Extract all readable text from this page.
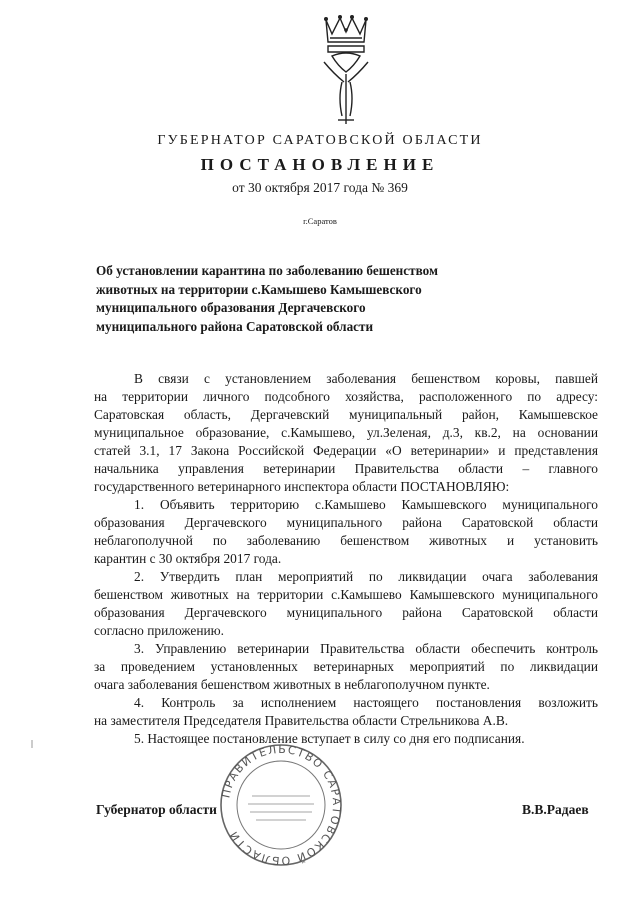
ГУБЕРНАТОР САРАТОВСКОЙ ОБЛАСТИ
ПОСТАНОВЛЕНИЕ
от 30 октября 2017 года № 369
г.Саратов
Об установлении карантина по заболеванию бешенством
животных на территории с.Камышево Камышевского
муниципального образования Дергачевского
муниципального района Саратовской области
В связи с установлением заболевания бешенством коровы, павшей
на территории личного подсобного хозяйства, расположенного по адресу:
Саратовская область, Дергачевский муниципальный район, Камышевское
муниципальное образование, с.Камышево, ул.Зеленая, д.3, кв.2, на основании
статей 3.1, 17 Закона Российской Федерации «О ветеринарии» и представления
начальника управления ветеринарии Правительства области – главного
государственного ветеринарного инспектора области ПОСТАНОВЛЯЮ:
1. Объявить территорию с.Камышево Камышевского муниципального
образования Дергачевского муниципального района Саратовской области
неблагополучной по заболеванию бешенством животных и установить
карантин с 30 октября 2017 года.
2. Утвердить план мероприятий по ликвидации очага заболевания
бешенством животных на территории с.Камышево Камышевского муниципального
образования Дергачевского муниципального района Саратовской области
согласно приложению.
3. Управлению ветеринарии Правительства области обеспечить контроль
за проведением установленных ветеринарных мероприятий по ликвидации
очага заболевания бешенством животных в неблагополучном пункте.
4. Контроль за исполнением настоящего постановления возложить
на заместителя Председателя Правительства области Стрельникова А.В.
5. Настоящее постановление вступает в силу со дня его подписания.
ПРАВИТЕЛЬСТВО САРАТОВСКОЙ ОБЛАСТИ
Губернатор области	В.В.Радаев
